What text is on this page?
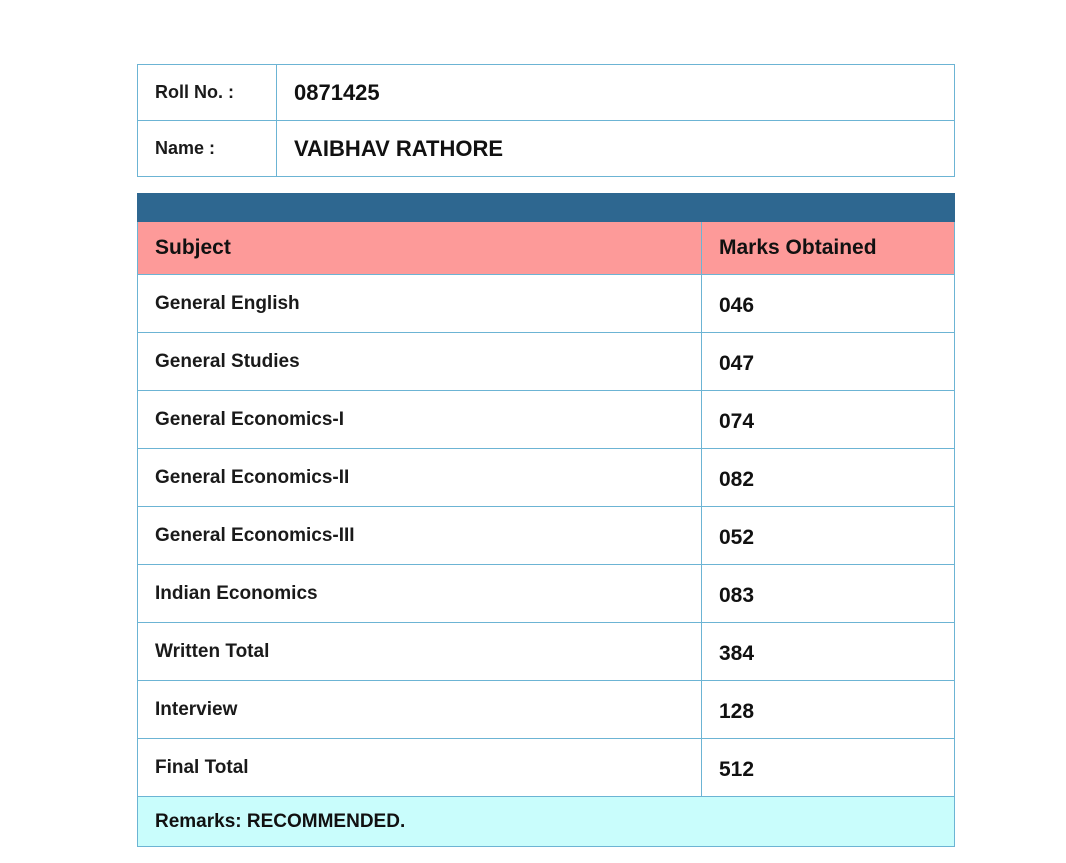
Roll No. :	0871425
Name :	VAIBHAV RATHORE

Subject	Marks Obtained
General English	046
General Studies	047
General Economics-I	074
General Economics-II	082
General Economics-III	052
Indian Economics	083
Written Total	384
Interview	128
Final Total	512
Remarks: RECOMMENDED.	
